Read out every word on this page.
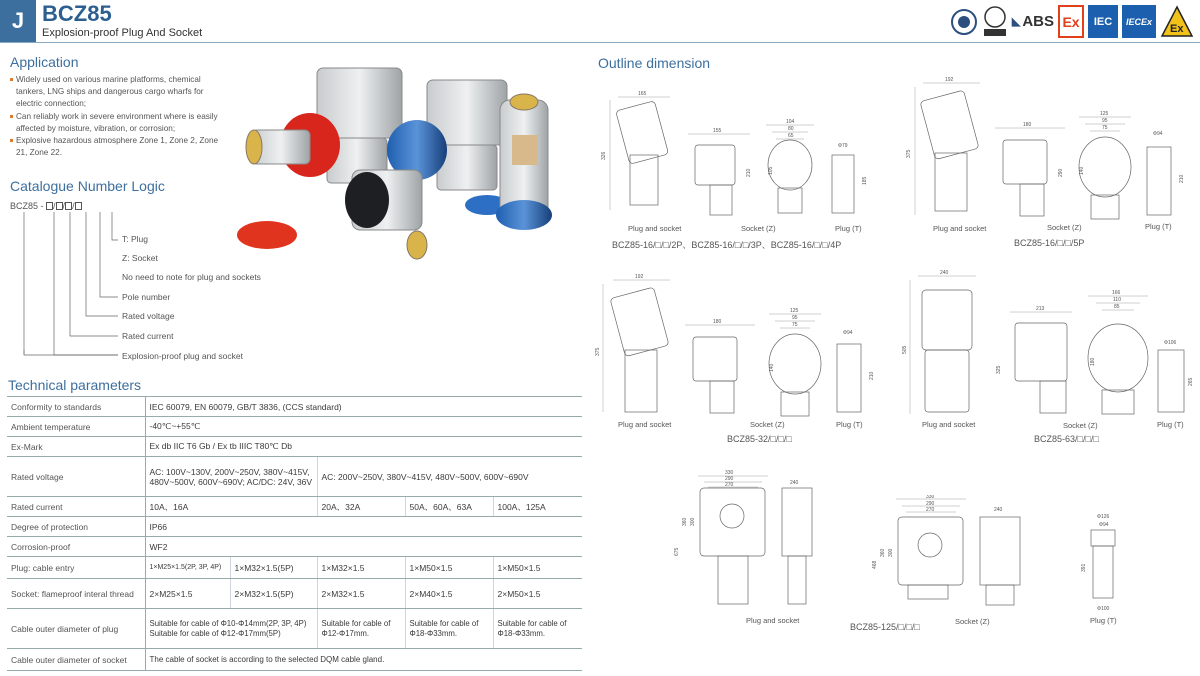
J BCZ85
Explosion-proof Plug And Socket
◣ ABS Ex	IEC	IECEx
Ex
Application

Widely used on various marine platforms, chemical tankers, LNG ships and dangerous cargo wharfs for electric connection;

Can reliably work in severe environment where is easily affected by moisture, vibration, or corrosion;

Explosive hazardous atmosphere Zone 1, Zone 2, Zone 21, Zone 22.

Catalogue Number Logic
BCZ85 - / / /
T: Plug
Z: Socket
No need to note for plug and sockets
Pole number
Rated voltage
Rated current
Explosion-proof plug and socket
Technical parameters
Conformity to standards	IEC 60079, EN 60079, GB/T 3836, (CCS standard)				
Ambient temperature	-40℃~+55℃				
Ex-Mark	Ex db IIC T6 Gb / Ex tb IIIC T80℃ Db				
Rated voltage	AC: 100V~130V, 200V~250V, 380V~415V, 480V~500V, 600V~690V; AC/DC: 24V, 36V		AC: 200V~250V, 380V~415V, 480V~500V, 600V~690V		
Rated current	10A、16A		20A、32A	50A、60A、63A	100A、125A
Degree of protection	IP66				
Corrosion-proof	WF2				
Plug: cable entry	1×M25×1.5(2P, 3P, 4P)	1×M32×1.5(5P)	1×M32×1.5	1×M50×1.5	1×M50×1.5
Socket: flameproof interal thread	2×M25×1.5	2×M32×1.5(5P)	2×M32×1.5	2×M40×1.5	2×M50×1.5
Cable outer diameter of plug	Suitable for cable of Φ10-Φ14mm(2P, 3P, 4P) Suitable for cable of Φ12-Φ17mm(5P)		Suitable for cable of Φ12-Φ17mm.	Suitable for cable of Φ18-Φ33mm.	Suitable for cable of Φ18-Φ33mm.
Cable outer diameter of socket	The cable of socket is according to the selected DQM cable gland.				
Outline dimension
165
326
155
210
104
80
65
105
Φ79
185
Plug and socket	Socket (Z)	Plug (T)
BCZ85-16/□/□/2P、BCZ85-16/□/□/3P、BCZ85-16/□/□/4P
192
375
180
290
125
95
75
140
Φ94
210
Plug and socket	Socket (Z)	Plug (T)
BCZ85-16/□/□/5P
192
375
180
125
95
75
140
Φ94
210
Plug and socket	Socket (Z)	Plug (T)
BCZ85-32/□/□/□
240
505
213
325
166
110
85
180
Φ106
265
Plug and socket	Socket (Z)	Plug (T)
BCZ85-63/□/□/□
330
290
270
300
360
675
240
330
290
270
300
360
468
240
Φ126
Φ94
391
Φ100
Plug and socket	Socket (Z)	Plug (T)
BCZ85-125/□/□/□
